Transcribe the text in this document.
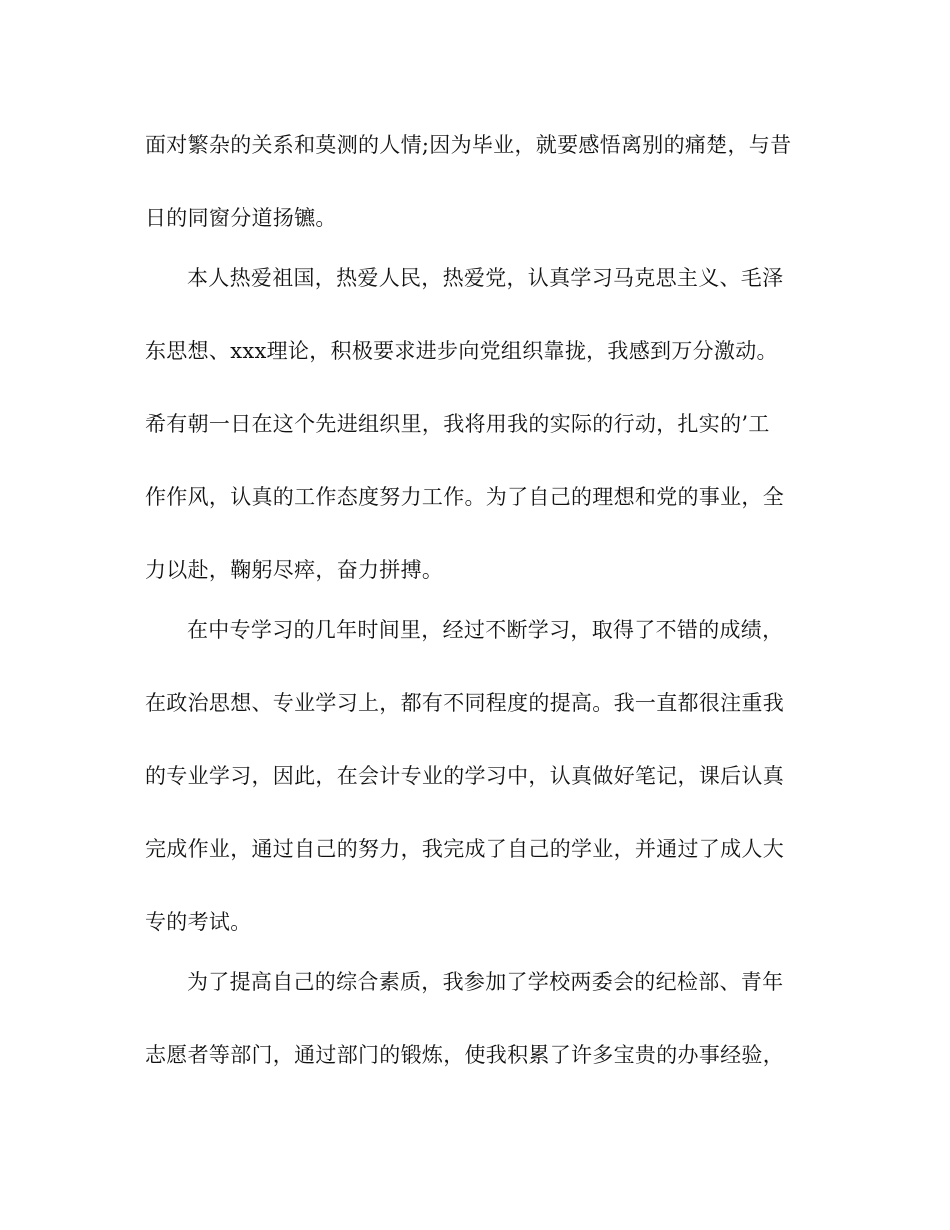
面对繁杂的关系和莫测的人情;因为毕业，就要感悟离别的痛楚，与昔
日的同窗分道扬镳。
本人热爱祖国，热爱人民，热爱党，认真学习马克思主义、毛泽
东思想、xxx理论，积极要求进步向党组织靠拢，我感到万分激动。
希有朝一日在这个先进组织里，我将用我的实际的行动，扎实的’工
作作风，认真的工作态度努力工作。为了自己的理想和党的事业，全
力以赴，鞠躬尽瘁，奋力拼搏。
在中专学习的几年时间里，经过不断学习，取得了不错的成绩，
在政治思想、专业学习上，都有不同程度的提高。我一直都很注重我
的专业学习，因此，在会计专业的学习中，认真做好笔记，课后认真
完成作业，通过自己的努力，我完成了自己的学业，并通过了成人大
专的考试。
为了提高自己的综合素质，我参加了学校两委会的纪检部、青年
志愿者等部门，通过部门的锻炼，使我积累了许多宝贵的办事经验，
